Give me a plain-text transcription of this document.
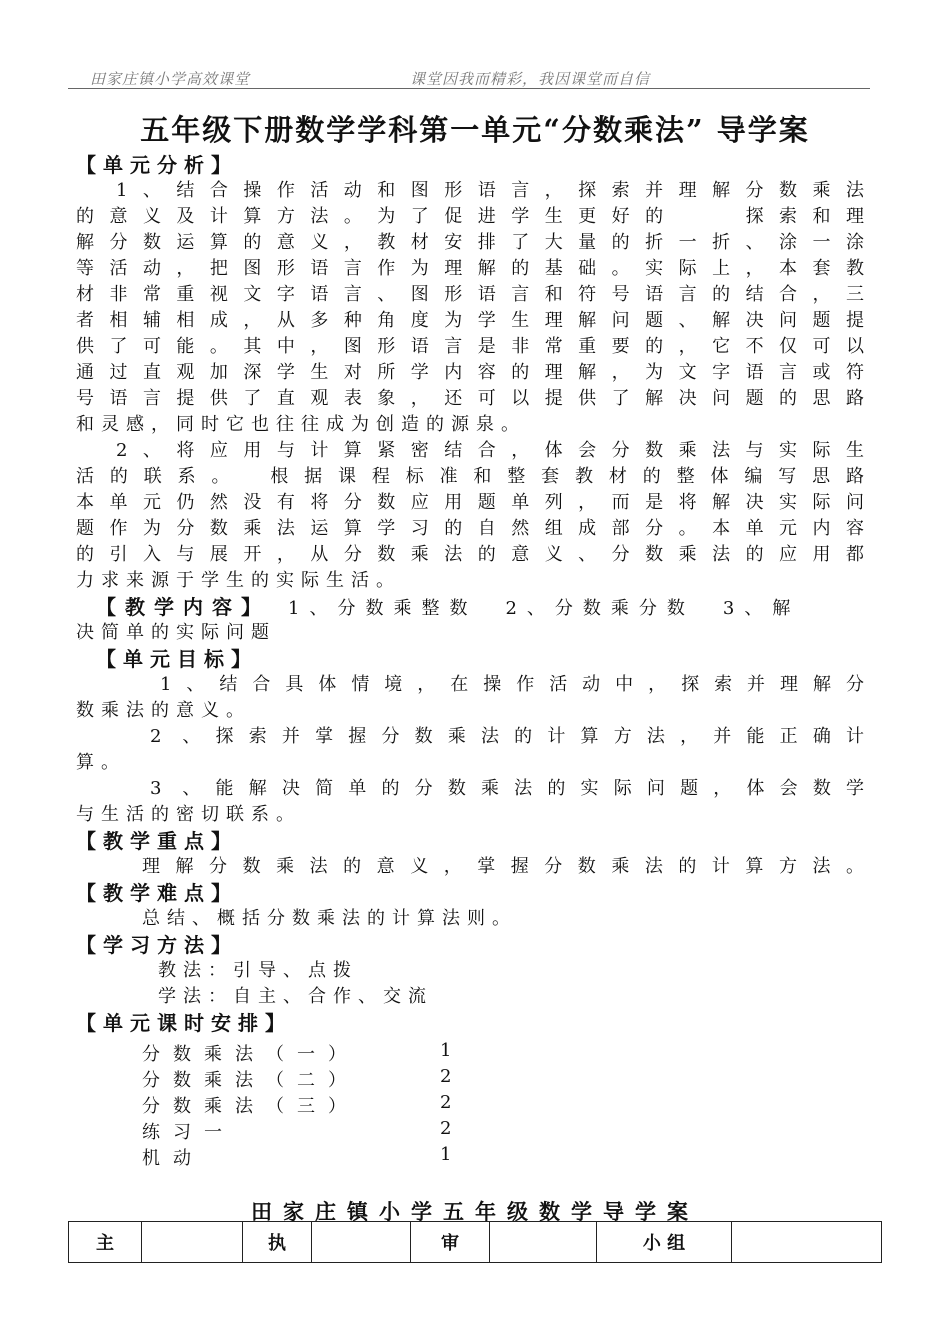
田家庄镇小学高效课堂	课堂因我而精彩，我因课堂而自信
五年级下册数学学科第一单元“分数乘法” 导学案
【单元分析】
1、结合操作活动和图形语言，探索并理解分数乘法
的意义及计算方法。为了促进学生更好的　　探索和理
解分数运算的意义，教材安排了大量的折一折、涂一涂
等活动，把图形语言作为理解的基础。实际上，本套教
材非常重视文字语言、图形语言和符号语言的结合，三
者相辅相成，从多种角度为学生理解问题、解决问题提
供了可能。其中，图形语言是非常重要的，它不仅可以
通过直观加深学生对所学内容的理解，为文字语言或符
号语言提供了直观表象，还可以提供了解决问题的思路
和灵感，同时它也往往成为创造的源泉。
2、将应用与计算紧密结合，体会分数乘法与实际生
活的联系。　根据课程标准和整套教材的整体编写思路
本单元仍然没有将分数应用题单列，而是将解决实际问
题作为分数乘法运算学习的自然组成部分。本单元内容
的引入与展开，从分数乘法的意义、分数乘法的应用都
力求来源于学生的实际生活。
【教学内容】 1、分数乘整数　2、分数乘分数　3、解
决简单的实际问题
【单元目标】
1、结合具体情境，在操作活动中，探索并理解分
数乘法的意义。
2 、探索并掌握分数乘法的计算方法，并能正确计
算。
3 、能解决简单的分数乘法的实际问题，体会数学
与生活的密切联系。
【教学重点】
理解分数乘法的意义，掌握分数乘法的计算方法。
【教学难点】
总结、概括分数乘法的计算法则。
【学习方法】
教法：引导、点拨
学法：自主、合作、交流
【单元课时安排】
分数乘法（一）	1
分数乘法（二）	2
分数乘法（三）	2
练习一	2
机动	1
田家庄镇小学五年级数学导学案
主		执		审		小 组	
